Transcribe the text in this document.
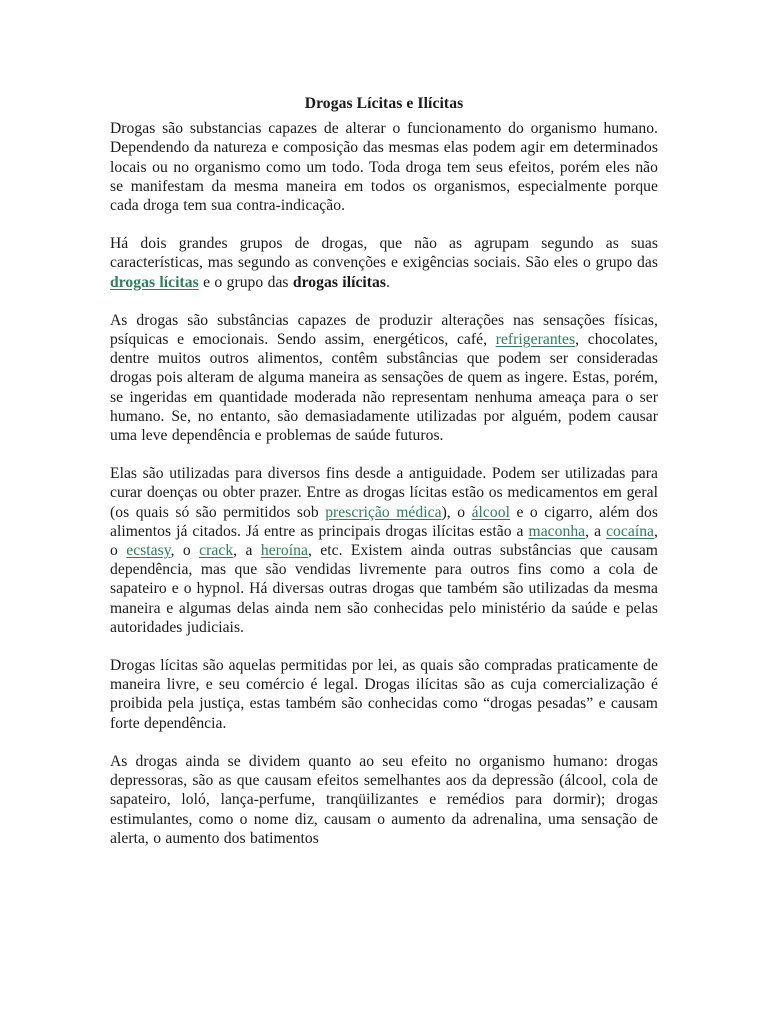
Drogas Lícitas e Ilícitas

Drogas são substancias capazes de alterar o funcionamento do organismo humano. Dependendo da natureza e composição das mesmas elas podem agir em determinados locais ou no organismo como um todo. Toda droga tem seus efeitos, porém eles não se manifestam da mesma maneira em todos os organismos, especialmente porque cada droga tem sua contra-indicação.

Há dois grandes grupos de drogas, que não as agrupam segundo as suas características, mas segundo as convenções e exigências sociais. São eles o grupo das drogas lícitas e o grupo das drogas ilícitas.

As drogas são substâncias capazes de produzir alterações nas sensações físicas, psíquicas e emocionais. Sendo assim, energéticos, café, refrigerantes, chocolates, dentre muitos outros alimentos, contêm substâncias que podem ser consideradas drogas pois alteram de alguma maneira as sensações de quem as ingere. Estas, porém, se ingeridas em quantidade moderada não representam nenhuma ameaça para o ser humano. Se, no entanto, são demasiadamente utilizadas por alguém, podem causar uma leve dependência e problemas de saúde futuros.

Elas são utilizadas para diversos fins desde a antiguidade. Podem ser utilizadas para curar doenças ou obter prazer. Entre as drogas lícitas estão os medicamentos em geral (os quais só são permitidos sob prescrição médica), o álcool e o cigarro, além dos alimentos já citados. Já entre as principais drogas ilícitas estão a maconha, a cocaína, o ecstasy, o crack, a heroína, etc. Existem ainda outras substâncias que causam dependência, mas que são vendidas livremente para outros fins como a cola de sapateiro e o hypnol. Há diversas outras drogas que também são utilizadas da mesma maneira e algumas delas ainda nem são conhecidas pelo ministério da saúde e pelas autoridades judiciais.

Drogas lícitas são aquelas permitidas por lei, as quais são compradas praticamente de maneira livre, e seu comércio é legal. Drogas ilícitas são as cuja comercialização é proibida pela justiça, estas também são conhecidas como “drogas pesadas” e causam forte dependência.

As drogas ainda se dividem quanto ao seu efeito no organismo humano: drogas depressoras, são as que causam efeitos semelhantes aos da depressão (álcool, cola de sapateiro, loló, lança-perfume, tranqüilizantes e remédios para dormir); drogas estimulantes, como o nome diz, causam o aumento da adrenalina, uma sensação de alerta, o aumento dos batimentos
